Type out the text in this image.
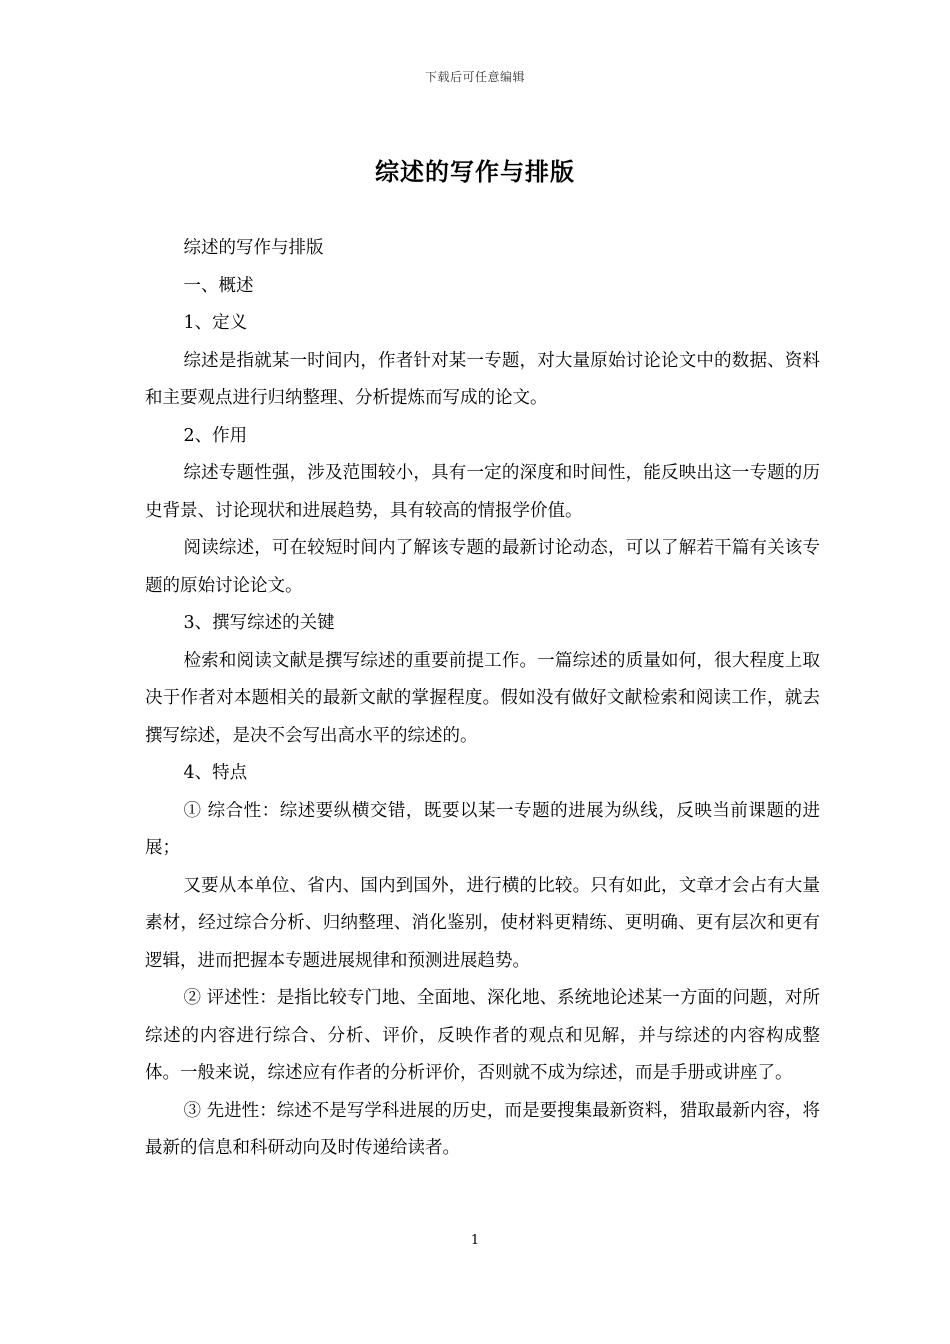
下载后可任意编辑
综述的写作与排版

综述的写作与排版

一、概述

1、定义

综述是指就某一时间内，作者针对某一专题，对大量原始讨论论文中的数据、资料和主要观点进行归纳整理、分析提炼而写成的论文。

2、作用

综述专题性强，涉及范围较小，具有一定的深度和时间性，能反映出这一专题的历史背景、讨论现状和进展趋势，具有较高的情报学价值。

阅读综述，可在较短时间内了解该专题的最新讨论动态，可以了解若干篇有关该专题的原始讨论论文。

3、撰写综述的关键

检索和阅读文献是撰写综述的重要前提工作。一篇综述的质量如何，很大程度上取决于作者对本题相关的最新文献的掌握程度。假如没有做好文献检索和阅读工作，就去撰写综述，是决不会写出高水平的综述的。

4、特点

① 综合性：综述要纵横交错，既要以某一专题的进展为纵线，反映当前课题的进展；

又要从本单位、省内、国内到国外，进行横的比较。只有如此，文章才会占有大量素材，经过综合分析、归纳整理、消化鉴别，使材料更精练、更明确、更有层次和更有逻辑，进而把握本专题进展规律和预测进展趋势。

② 评述性：是指比较专门地、全面地、深化地、系统地论述某一方面的问题，对所综述的内容进行综合、分析、评价，反映作者的观点和见解，并与综述的内容构成整体。一般来说，综述应有作者的分析评价，否则就不成为综述，而是手册或讲座了。

③ 先进性：综述不是写学科进展的历史，而是要搜集最新资料，猎取最新内容，将最新的信息和科研动向及时传递给读者。

1
